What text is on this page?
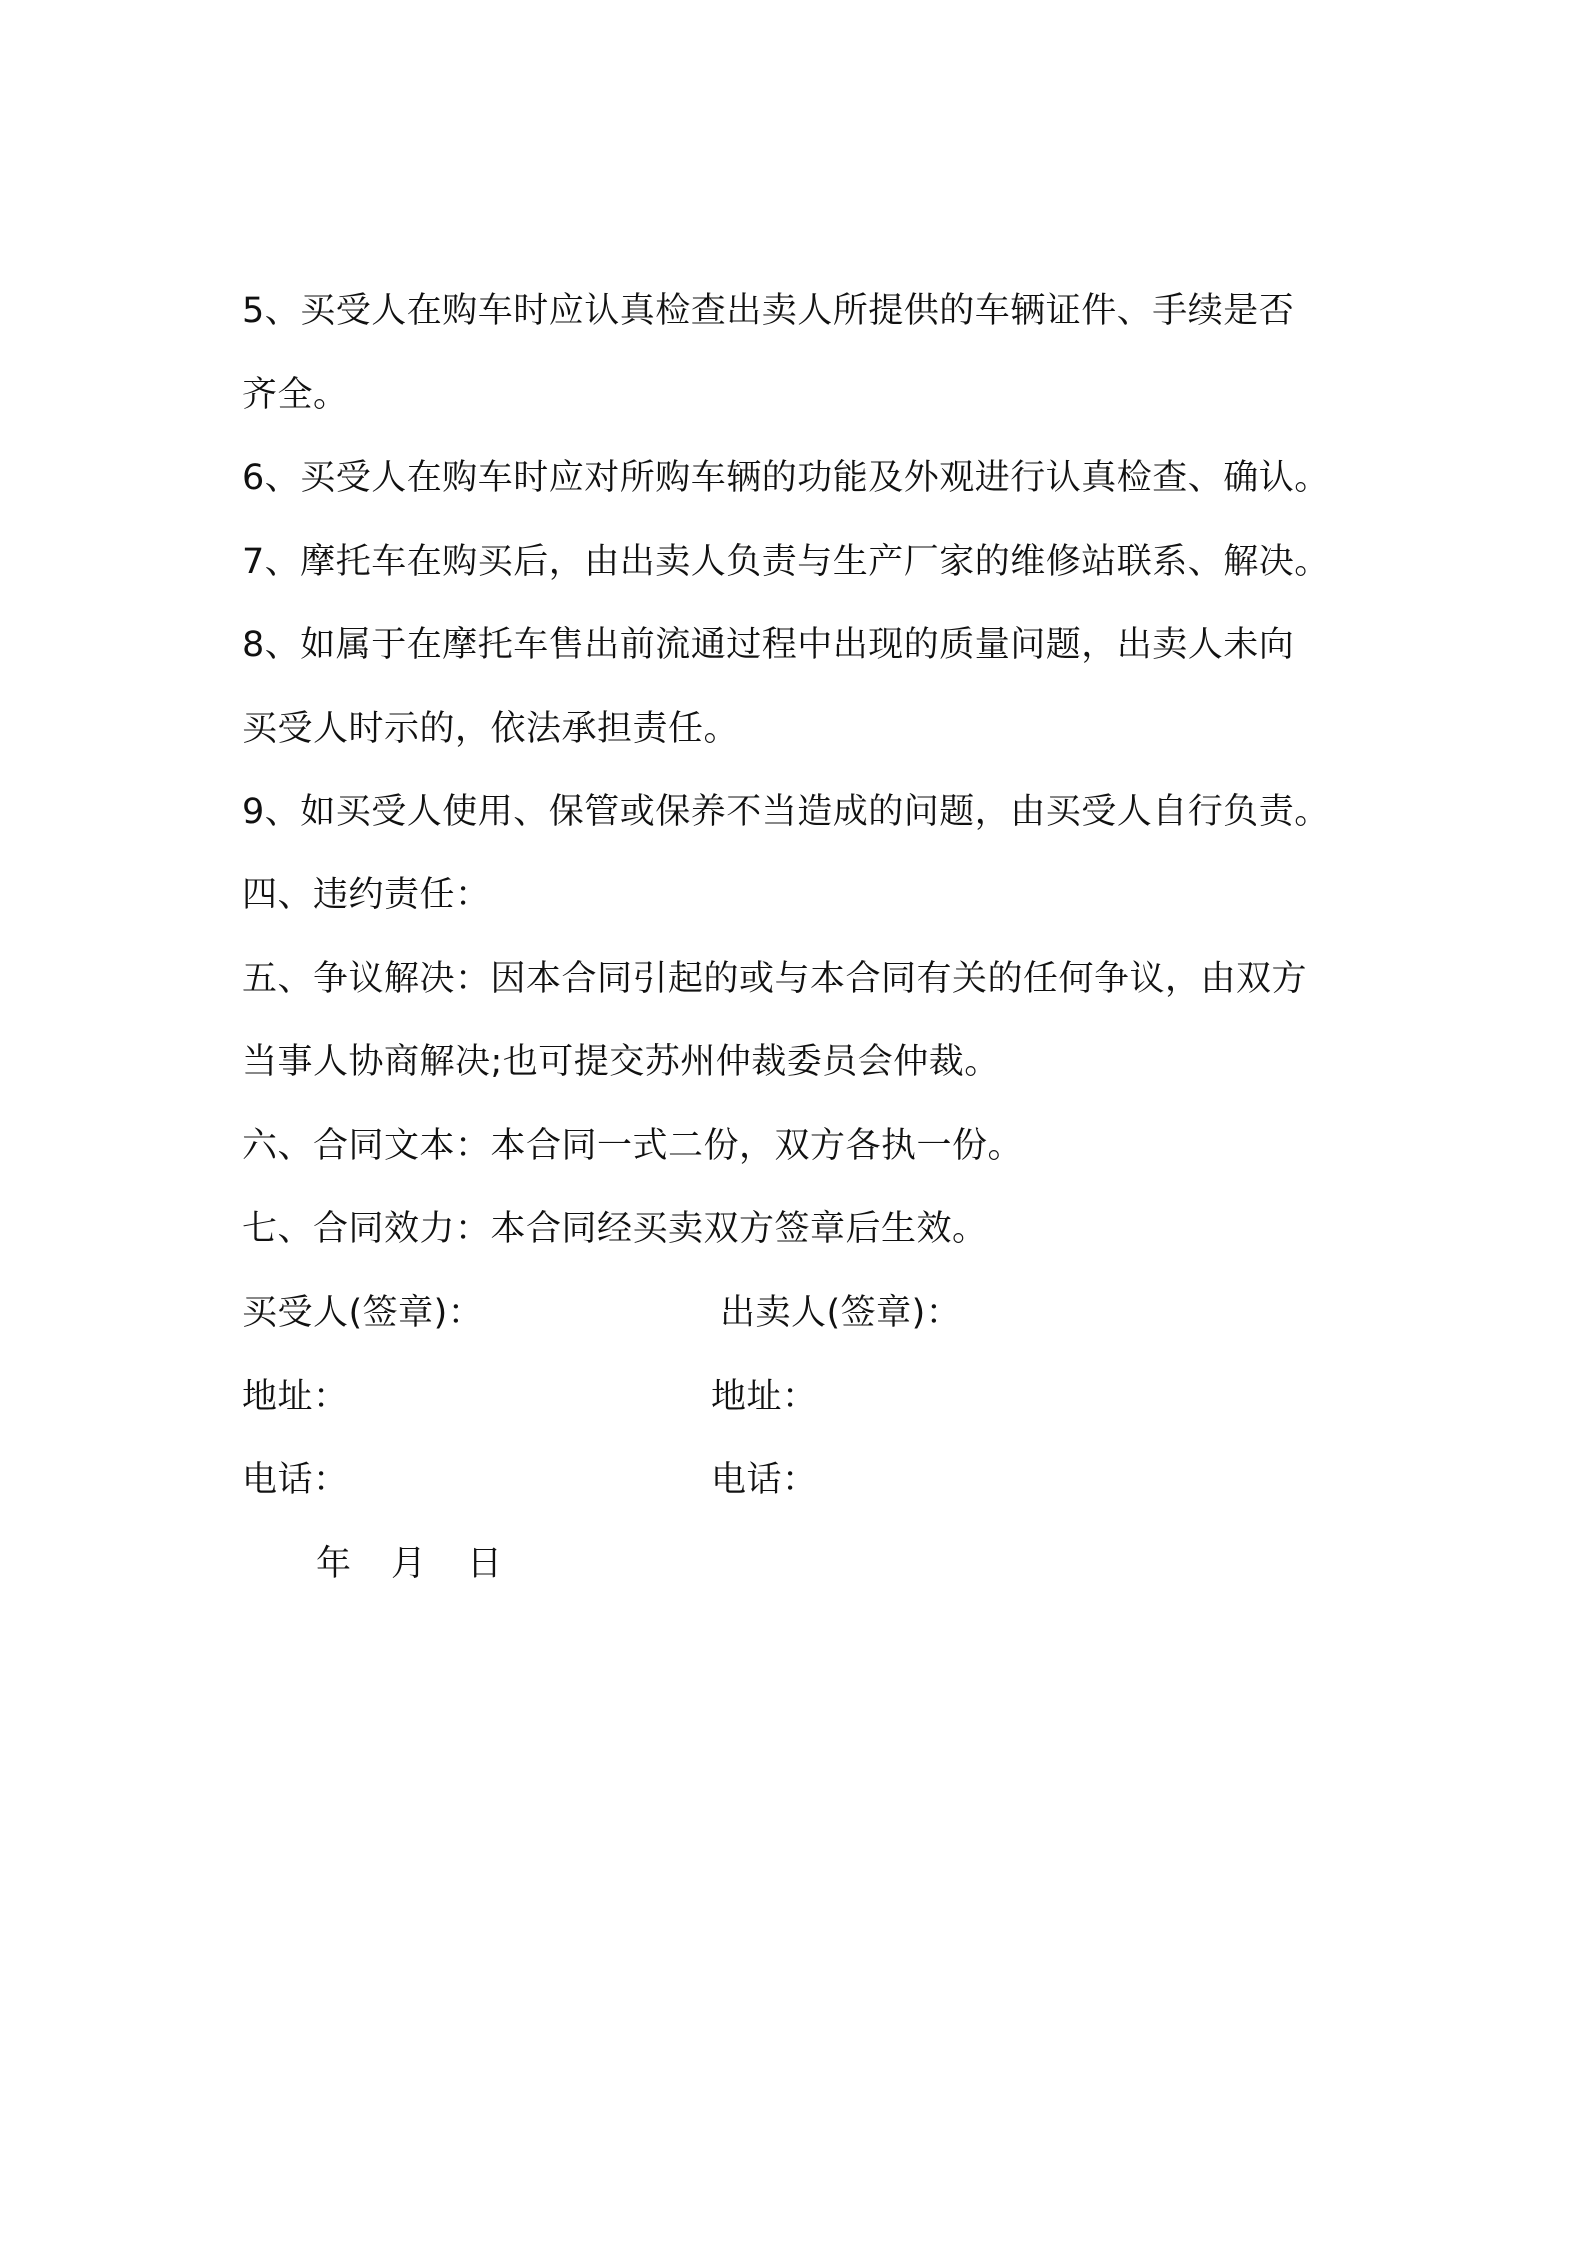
5、买受人在购车时应认真检查出卖人所提供的车辆证件、手续是否
齐全。
6、买受人在购车时应对所购车辆的功能及外观进行认真检查、确认。
7、摩托车在购买后，由出卖人负责与生产厂家的维修站联系、解决。
8、如属于在摩托车售出前流通过程中出现的质量问题，出卖人未向
买受人时示的，依法承担责任。
9、如买受人使用、保管或保养不当造成的问题，由买受人自行负责。
四、违约责任：
五、争议解决：因本合同引起的或与本合同有关的任何争议，由双方
当事人协商解决;也可提交苏州仲裁委员会仲裁。
六、合同文本：本合同一式二份，双方各执一份。
七、合同效力：本合同经买卖双方签章后生效。
买受人(签章)：	出卖人(签章)：
地址：	地址：
电话：	电话：
年 月 日
